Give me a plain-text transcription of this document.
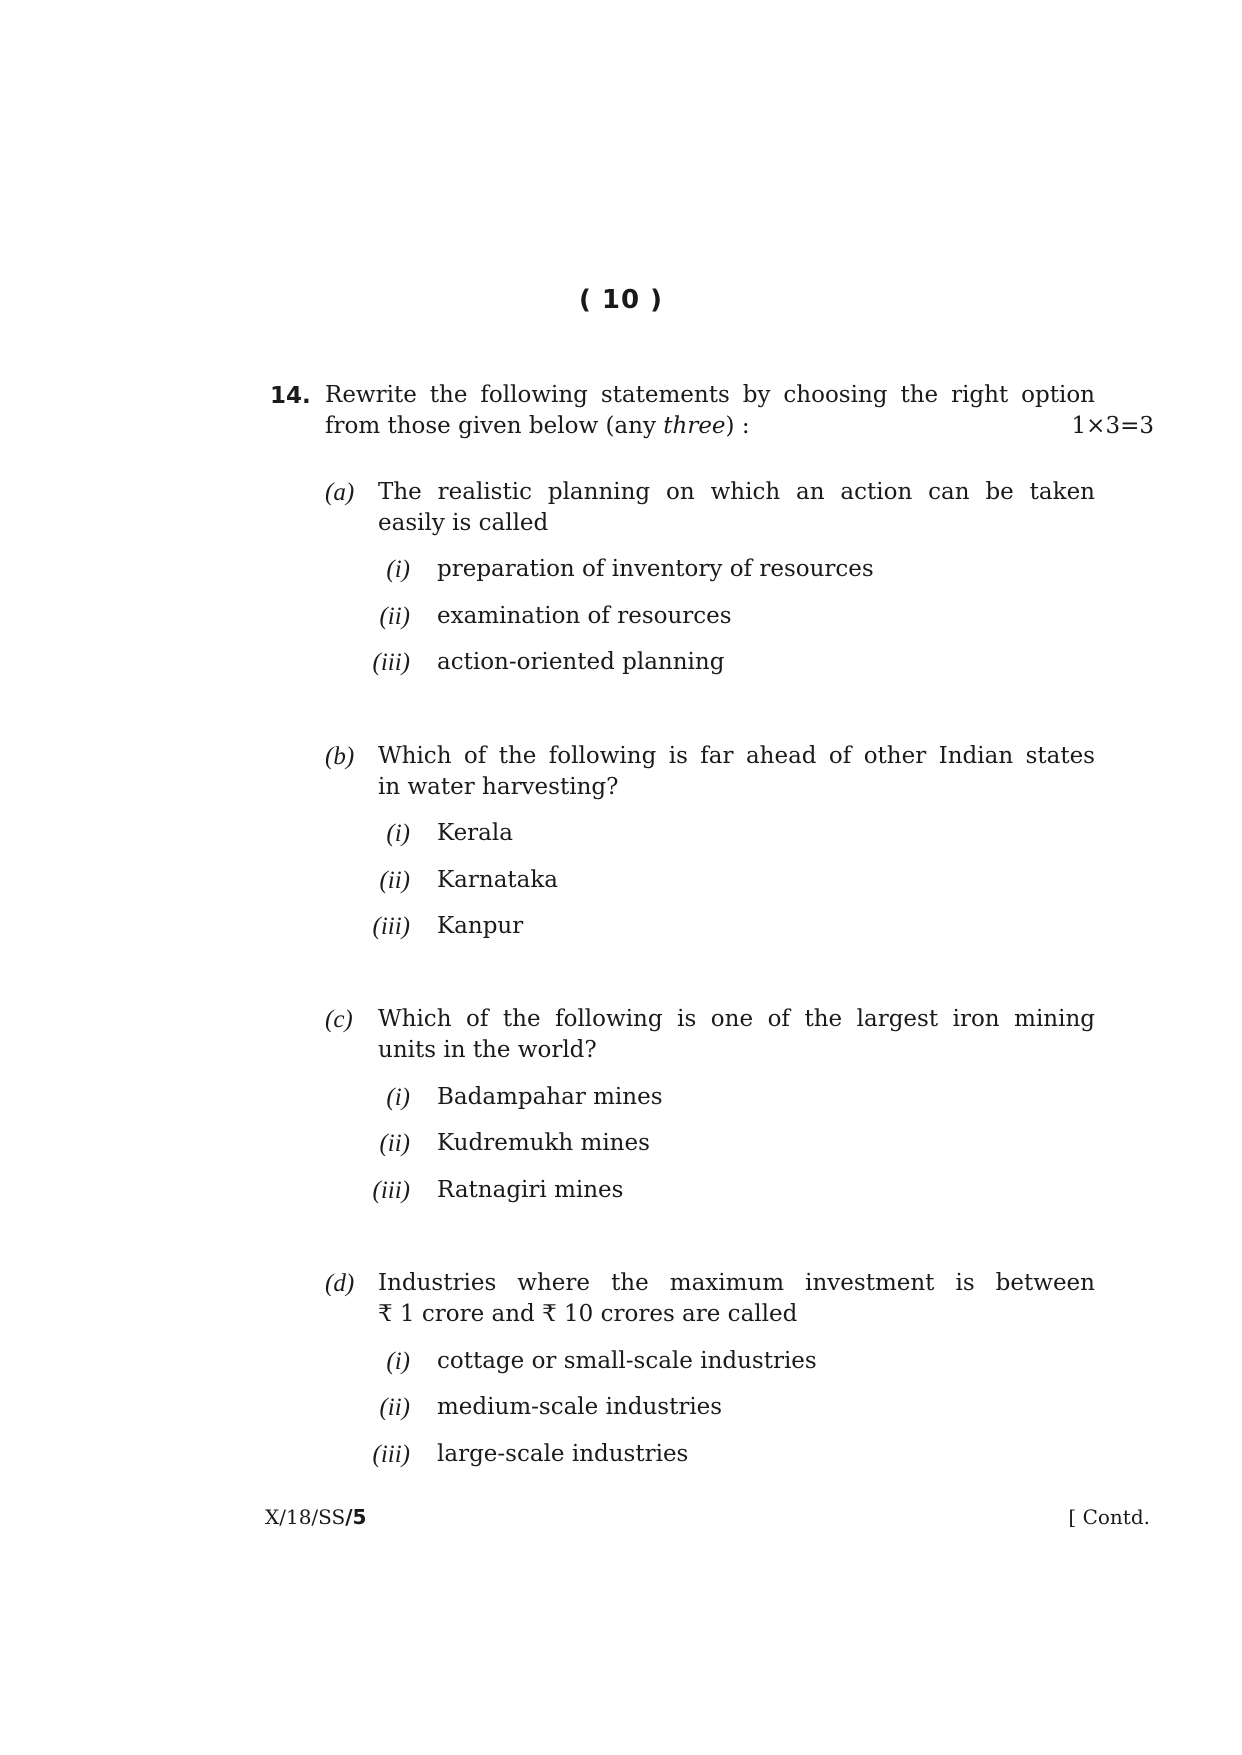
( 10 )
14. Rewrite the following statements by choosing the right option
from those given below (any three) :	1×3=3
(a) The realistic planning on which an action can be taken
easily is called
(i) preparation of inventory of resources
(ii) examination of resources
(iii) action-oriented planning
(b) Which of the following is far ahead of other Indian states
in water harvesting?
(i) Kerala
(ii) Karnataka
(iii) Kanpur
(c) Which of the following is one of the largest iron mining
units in the world?
(i) Badampahar mines
(ii) Kudremukh mines
(iii) Ratnagiri mines
(d) Industries where the maximum investment is between
₹ 1 crore and ₹ 10 crores are called
(i) cottage or small-scale industries
(ii) medium-scale industries
(iii) large-scale industries
X/18/SS/5	[ Contd.
